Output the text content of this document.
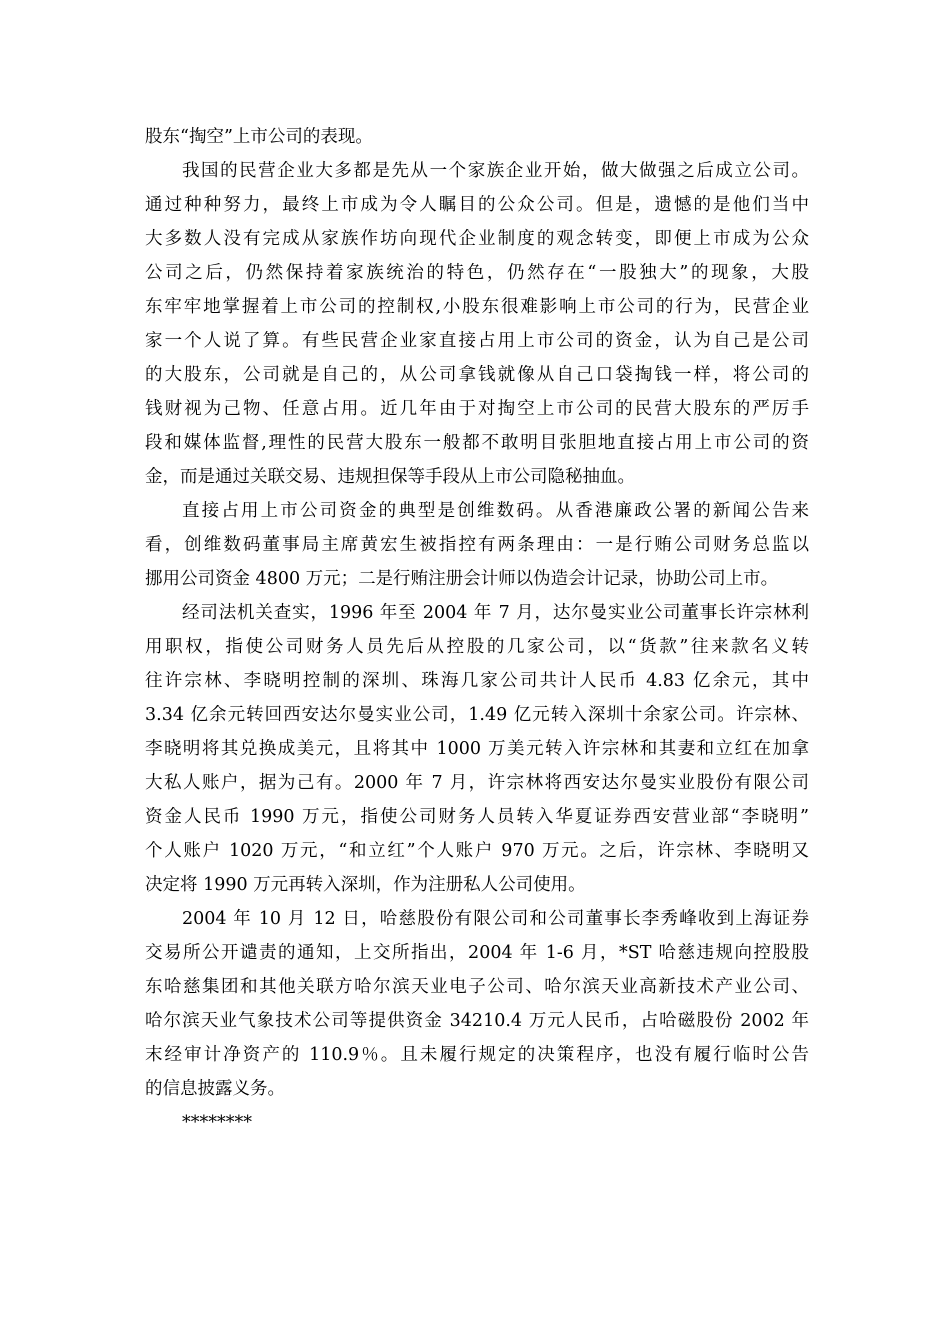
股东“掏空”上市公司的表现。
我国的民营企业大多都是先从一个家族企业开始，做大做强之后成立公司。
通过种种努力，最终上市成为令人瞩目的公众公司。但是，遗憾的是他们当中
大多数人没有完成从家族作坊向现代企业制度的观念转变，即便上市成为公众
公司之后，仍然保持着家族统治的特色，仍然存在“一股独大”的现象，大股
东牢牢地掌握着上市公司的控制权,小股东很难影响上市公司的行为，民营企业
家一个人说了算。有些民营企业家直接占用上市公司的资金，认为自己是公司
的大股东，公司就是自己的，从公司拿钱就像从自己口袋掏钱一样，将公司的
钱财视为己物、任意占用。近几年由于对掏空上市公司的民营大股东的严厉手
段和媒体监督,理性的民营大股东一般都不敢明目张胆地直接占用上市公司的资
金，而是通过关联交易、违规担保等手段从上市公司隐秘抽血。
直接占用上市公司资金的典型是创维数码。从香港廉政公署的新闻公告来
看，创维数码董事局主席黄宏生被指控有两条理由：一是行贿公司财务总监以
挪用公司资金 4800 万元；二是行贿注册会计师以伪造会计记录，协助公司上市。
经司法机关查实，1996 年至 2004 年 7 月，达尔曼实业公司董事长许宗林利
用职权，指使公司财务人员先后从控股的几家公司，以“货款”往来款名义转
往许宗林、李晓明控制的深圳、珠海几家公司共计人民币 4.83 亿余元，其中
3.34 亿余元转回西安达尔曼实业公司，1.49 亿元转入深圳十余家公司。许宗林、
李晓明将其兑换成美元，且将其中 1000 万美元转入许宗林和其妻和立红在加拿
大私人账户，据为己有。2000 年 7 月，许宗林将西安达尔曼实业股份有限公司
资金人民币 1990 万元，指使公司财务人员转入华夏证券西安营业部“李晓明”
个人账户 1020 万元，“和立红”个人账户 970 万元。之后，许宗林、李晓明又
决定将 1990 万元再转入深圳，作为注册私人公司使用。
2004 年 10 月 12 日，哈慈股份有限公司和公司董事长李秀峰收到上海证券
交易所公开谴责的通知，上交所指出，2004 年 1-6 月，*ST 哈慈违规向控股股
东哈慈集团和其他关联方哈尔滨天业电子公司、哈尔滨天业高新技术产业公司、
哈尔滨天业气象技术公司等提供资金 34210.4 万元人民币，占哈磁股份 2002 年
末经审计净资产的 110.9％。且未履行规定的决策程序，也没有履行临时公告
的信息披露义务。
********
